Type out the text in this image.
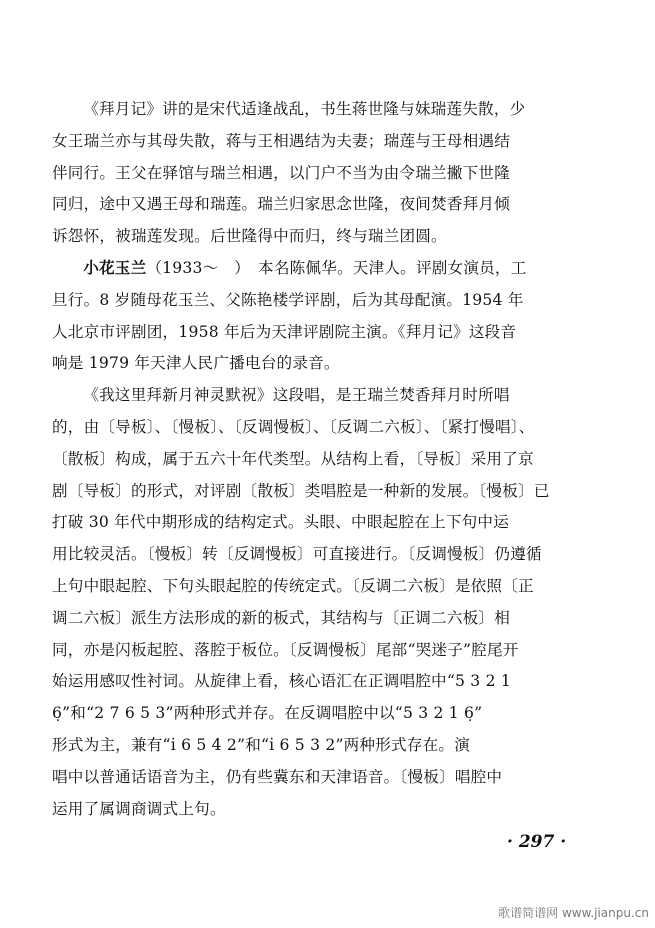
《拜月记》讲的是宋代适逢战乱，书生蒋世隆与妹瑞莲失散，少
女王瑞兰亦与其母失散，蒋与王相遇结为夫妻；瑞莲与王母相遇结
伴同行。王父在驿馆与瑞兰相遇，以门户不当为由令瑞兰撇下世隆
同归，途中又遇王母和瑞莲。瑞兰归家思念世隆，夜间焚香拜月倾
诉怨怀，被瑞莲发现。后世隆得中而归，终与瑞兰团圆。

小花玉兰（1933～　）　本名陈佩华。天津人。评剧女演员，工
旦行。8 岁随母花玉兰、父陈艳楼学评剧，后为其母配演。1954 年
人北京市评剧团，1958 年后为天津评剧院主演。《拜月记》这段音
响是 1979 年天津人民广播电台的录音。

《我这里拜新月神灵默祝》这段唱，是王瑞兰焚香拜月时所唱
的，由〔导板〕、〔慢板〕、〔反调慢板〕、〔反调二六板〕、〔紧打慢唱〕、
〔散板〕构成，属于五六十年代类型。从结构上看，〔导板〕采用了京
剧〔导板〕的形式，对评剧〔散板〕类唱腔是一种新的发展。〔慢板〕已
打破 30 年代中期形成的结构定式。头眼、中眼起腔在上下句中运
用比较灵活。〔慢板〕转〔反调慢板〕可直接进行。〔反调慢板〕仍遵循
上句中眼起腔、下句头眼起腔的传统定式。〔反调二六板〕是依照〔正
调二六板〕派生方法形成的新的板式，其结构与〔正调二六板〕相
同，亦是闪板起腔、落腔于板位。〔反调慢板〕尾部“哭迷子”腔尾开
始运用感叹性衬词。从旋律上看，核心语汇在正调唱腔中“5 3 2 1
6̣”和“2 7 6 5 3”两种形式并存。在反调唱腔中以“5 3 2 1 6̣”
形式为主，兼有“i̇ 6 5 4 2”和“i̇ 6 5 3 2”两种形式存在。演
唱中以普通话语音为主，仍有些冀东和天津语音。〔慢板〕唱腔中
运用了属调商调式上句。

· 297 ·
歌谱简谱网 www.jianpu.cn
